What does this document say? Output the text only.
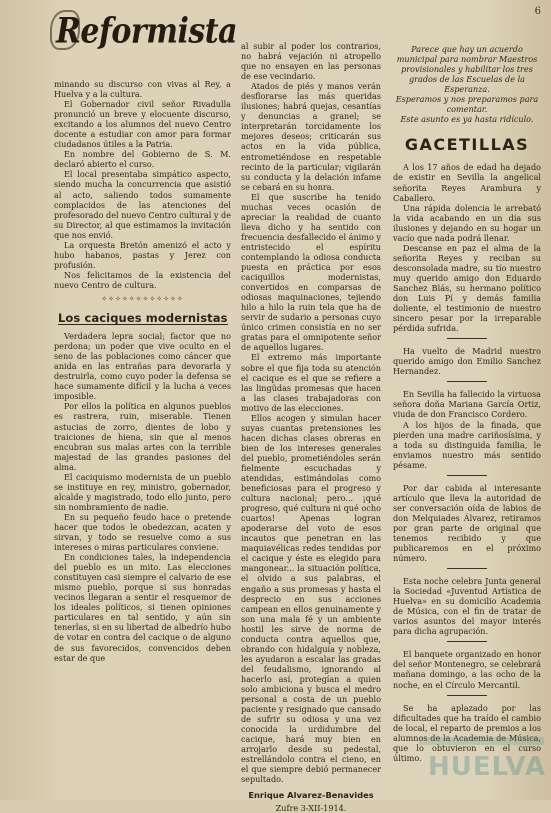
6
Reformista

minando su discurso con vivas al Rey, a Huelva y a la cultura.

El Gobernador civil señor Rivadulla pronunció un breve y elocuente discurso, excitando a los alumnos del nuevo Centro docente a estudiar con amor para formar ciudadanos útiles a la Patria.

En nombre del Gobierno de S. M. declaró abierto el curso.

El local presentaba simpático aspecto, siendo mucha la concurrencia que asistió al acto, saliendo todos sumamente complacidos de las atenciones del profesorado del nuevo Centro cultural y de su Director, al que estimamos la invitación que nos envió.

La orquesta Bretón amenizó el acto y hubo habanos, pastas y Jerez con profusión.

Nos felicitamos de la existencia del nuevo Centro de cultura.

✧✧✧✧✧✧✧✧✧✧✧✧
Los caciques modernistas

Verdadera lepra social; factor que no perdona; un poder que vive oculto en el seno de las poblaciones como cáncer que anida en las entrañas para devorarla y destruirla, como cuyo poder la defensa se hace sumamente difícil y la lucha a veces imposible.

Por ellos la política en algunos pueblos es rastrera, ruin, miserable. Tienen astucias de zorro, dientes de lobo y traiciones de hiena, sin que al menos encubran sus malas artes con la terrible majestad de las grandes pasiones del alma.

El caciquismo modernista de un pueblo se instituye en rey, ministro, gobernador, alcalde y magistrado, todo ello junto, pero sin nombramiento de nadie.

En su pequeño feudo hace o pretende hacer que todos le obedezcan, acaten y sirvan, y todo se resuelve como a sus intereses o miras particulares conviene.

En condiciones tales, la independencia del pueblo es un mito. Las elecciones constituyen casi siempre el calvario de ese mismo pueblo, porque si sus honradas vecinos llegaran a sentir el resquemor de los ideales políticos, si tienen opiniones particulares en tal sentido, y aún sin tenerlas, si en su libertad de albedrío hubo de votar en contra del cacique o de alguno de sus favorecidos, convencidos deben estar de que

al subir al poder los contrarios, no habrá vejación ni atropello que no ensayen en las personas de ese vecindario.

Atados de piés y manos verán desflorarse las más queridas ilusiones; habrá quejas, cesantías y denuncias a granel; se interpretarán torcidamente los mejores deseos; criticarán sus actos en la vida pública, entrometiéndose en respetable recinto de la particular; vigilarán su conducta y la delación infame se cebará en su honra.

El que suscribe ha tenido muchas veces ocasión de apreciar la realidad de cuanto lleva dicho y ha sentido con frecuencia desfallecido el ánimo y entristecido el espíritu contemplando la odiosa conducta puesta en práctica por esos caciquillos modernistas, convertidos en comparsas de odiosas maquinaciones, tejiendo hilo a hilo la ruin tela que ha de servir de sudario a personas cuyo único crimen consistía en no ser gratas para el omnipotente señor de aquellos lugares.

El extremo más importante sobre el que fija toda su atención el cacique es el que se refiere a las lingüdas promesas que hacen a las clases trabajadoras con motivo de las elecciones.

Ellos acogen y simulan hacer suyas cuantas pretensiones les hacen dichas clases obreras en bien de los intereses generales del pueblo, prometiéndoles serán fielmente escuchadas y atendidas, estimándolas como beneficiosas para el progreso y cultura nacional; pero... ¡qué progreso, qué cultura ni qué ocho cuartos! Apenas logran apoderarse del voto de esos incautos que penetran en las maquiavélicas redes tendidas por el cacique y éste es elegido para mangonear... la situación política, el olvido a sus palabras, el engaño a sus promesas y hasta el desprecio en sus acciones campean en ellos genuinamente y son una mala fé y un ambiente hostil les sirve de norma de conducta contra aquellos que, obrando con hidalguía y nobleza, les ayudaron a escalar las gradas del feudalismo, ignorando al hacerlo así, protegían a quien solo ambiciona y busca el medro personal a costa de un pueblo paciente y resignado que cansado de sufrir su odiosa y una vez conocida la urdidumbre del cacique, hará muy bien en arrojarlo desde su pedestal, estrellándolo contra el cieno, en el que siempre debió permanecer sepultado.

Enrique Alvarez-Benavides
Zufre 3-XII-1914.

Parece que hay un acuerdo municipal para nombrar Maestros provisionales y habilitar los tres grados de las Escuelas de la Esperanza.

Esperamos y nos preparamos para comentar.

Este asunto es ya hasta ridículo.

GACETILLAS

A los 17 años de edad ha dejado de existir en Sevilla la angelical señorita Reyes Arambura y Caballero.

Una rápida dolencia le arrebató la vida acabando en un día sus ilusiones y dejando en su hogar un vacío que nada podrá llenar.

Descanse en paz el alma de la señorita Reyes y reciban su desconsolada madre, su tío nuestro muy querido amigo don Eduardo Sanchez Blás, su hermano político don Luis Pí y demás familia doliente, el testimonio de nuestro sincero pesar por la irreparable pérdida sufrida.

Ha vuelto de Madrid nuestro querido amigo don Emilio Sanchez Hernandez.

En Sevilla ha fallecido la virtuosa señora doña Mariana García Ortiz, viuda de don Francisco Cordero.

A los hijos de la finada, que pierden una madre cariñosísima, y a toda su distinguida familia, le enviamos nuestro más sentido pésame.

Por dar cabida al interesante artículo que lleva la autoridad de ser conversación oída de labios de don Melquiades Álvarez, retiramos por gran parte de original que tenemos recibido y que publicaremos en el próximo número.

Esta noche celebra Junta general la Sociedad «Juventud Artística de Huelva» en su domicilio Academia de Música, con el fin de tratar de varios asuntos del mayor interés para dicha agrupación.

El banquete organizado en honor del señor Montenegro, se celebrará mañana domingo, a las ocho de la noche, en el Círculo Mercantil.

Se ha aplazado por las dificultades que ha traído el cambio de local, el reparto de premios a los alumnos de la Academia de Música, que lo obtuvieron en el curso último. HUELVA
